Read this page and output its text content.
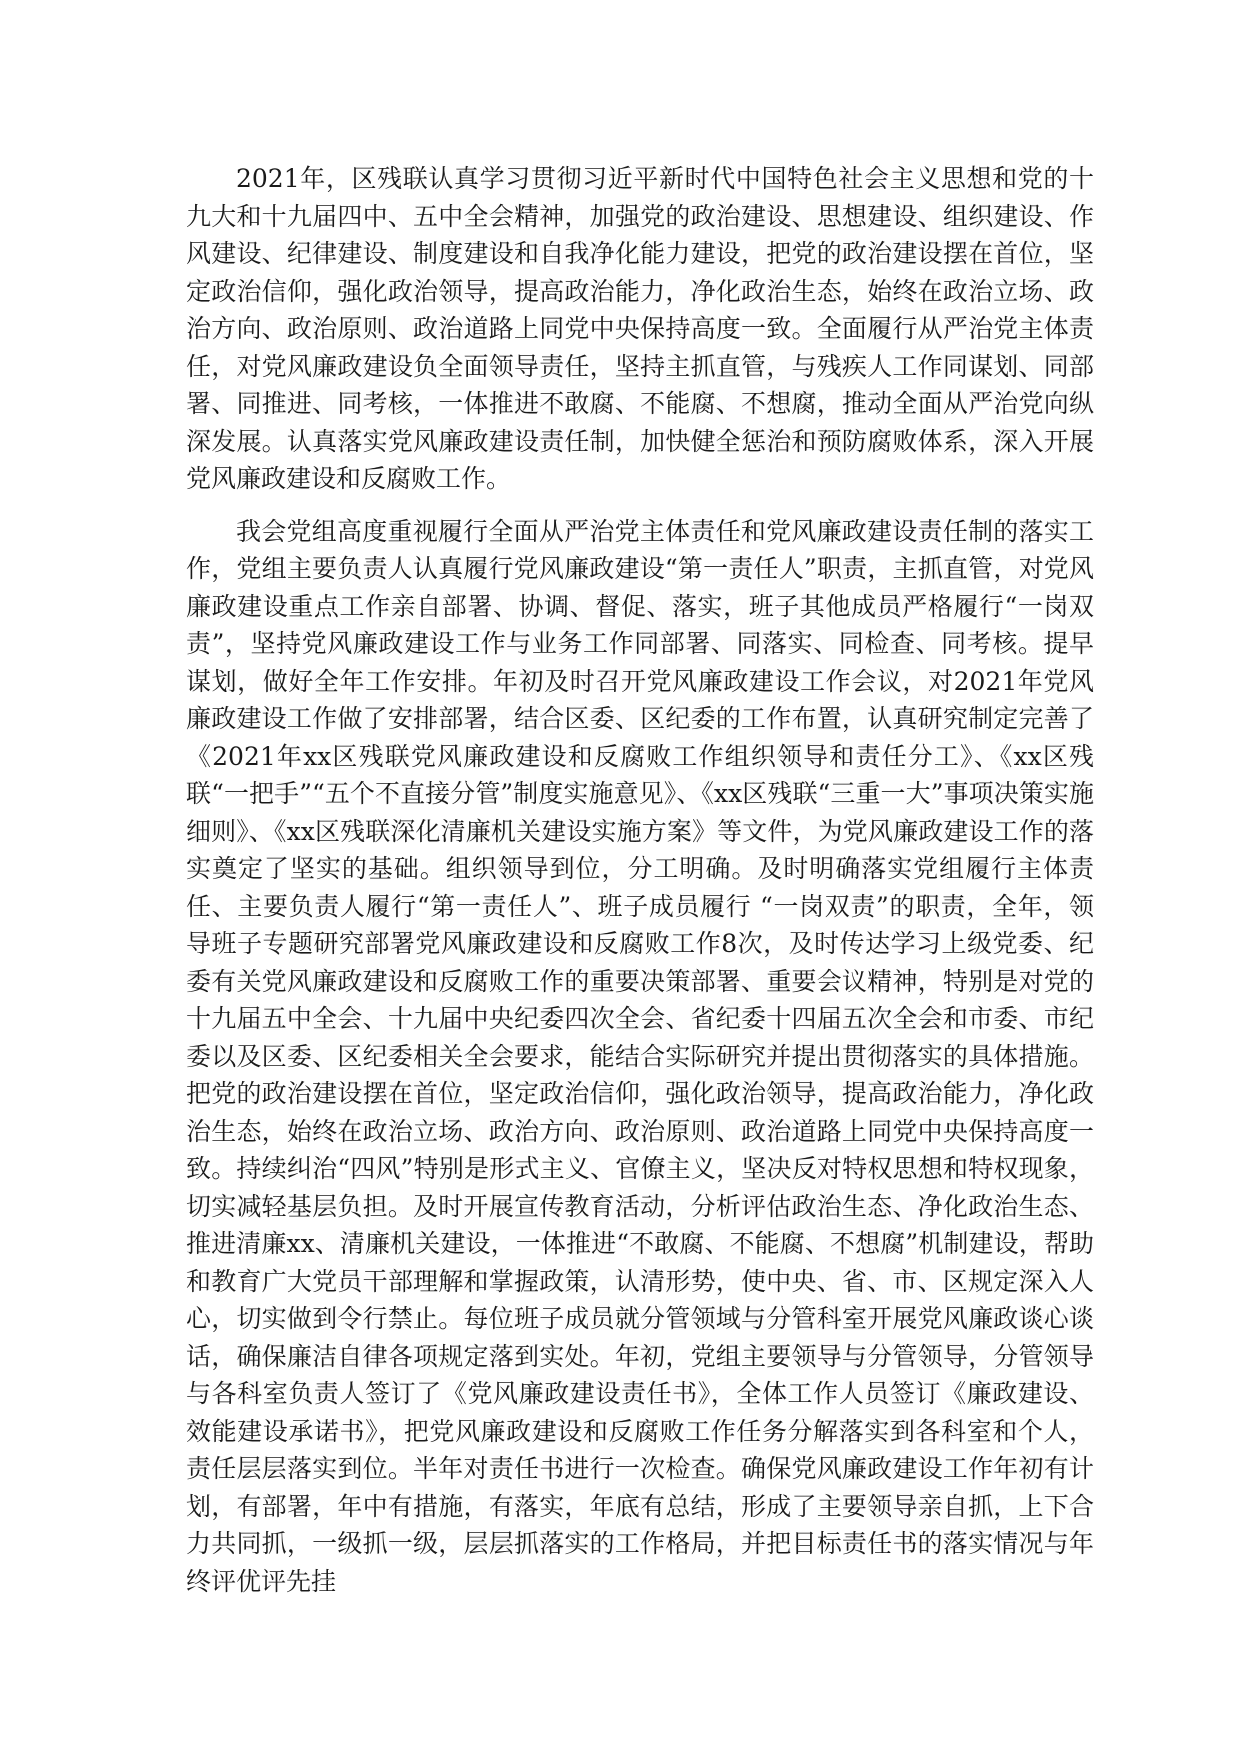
2021年，区残联认真学习贯彻习近平新时代中国特色社会主义思想和党的十九大和十九届四中、五中全会精神，加强党的政治建设、思想建设、组织建设、作风建设、纪律建设、制度建设和自我净化能力建设，把党的政治建设摆在首位，坚定政治信仰，强化政治领导，提高政治能力，净化政治生态，始终在政治立场、政治方向、政治原则、政治道路上同党中央保持高度一致。全面履行从严治党主体责任，对党风廉政建设负全面领导责任，坚持主抓直管，与残疾人工作同谋划、同部署、同推进、同考核，一体推进不敢腐、不能腐、不想腐，推动全面从严治党向纵深发展。认真落实党风廉政建设责任制，加快健全惩治和预防腐败体系，深入开展党风廉政建设和反腐败工作。

我会党组高度重视履行全面从严治党主体责任和党风廉政建设责任制的落实工作，党组主要负责人认真履行党风廉政建设“第一责任人”职责，主抓直管，对党风廉政建设重点工作亲自部署、协调、督促、落实，班子其他成员严格履行“一岗双责”，坚持党风廉政建设工作与业务工作同部署、同落实、同检查、同考核。提早谋划，做好全年工作安排。年初及时召开党风廉政建设工作会议，对2021年党风廉政建设工作做了安排部署，结合区委、区纪委的工作布置，认真研究制定完善了《2021年xx区残联党风廉政建设和反腐败工作组织领导和责任分工》、《xx区残联“一把手”“五个不直接分管”制度实施意见》、《xx区残联“三重一大”事项决策实施细则》、《xx区残联深化清廉机关建设实施方案》等文件，为党风廉政建设工作的落实奠定了坚实的基础。组织领导到位，分工明确。及时明确落实党组履行主体责任、主要负责人履行“第一责任人”、班子成员履行 “一岗双责”的职责，全年，领导班子专题研究部署党风廉政建设和反腐败工作8次，及时传达学习上级党委、纪委有关党风廉政建设和反腐败工作的重要决策部署、重要会议精神，特别是对党的十九届五中全会、十九届中央纪委四次全会、省纪委十四届五次全会和市委、市纪委以及区委、区纪委相关全会要求，能结合实际研究并提出贯彻落实的具体措施。把党的政治建设摆在首位，坚定政治信仰，强化政治领导，提高政治能力，净化政治生态，始终在政治立场、政治方向、政治原则、政治道路上同党中央保持高度一致。持续纠治“四风”特别是形式主义、官僚主义，坚决反对特权思想和特权现象，切实减轻基层负担。及时开展宣传教育活动，分析评估政治生态、净化政治生态、推进清廉xx、清廉机关建设，一体推进“不敢腐、不能腐、不想腐”机制建设，帮助和教育广大党员干部理解和掌握政策，认清形势，使中央、省、市、区规定深入人心，切实做到令行禁止。每位班子成员就分管领域与分管科室开展党风廉政谈心谈话，确保廉洁自律各项规定落到实处。年初，党组主要领导与分管领导，分管领导与各科室负责人签订了《党风廉政建设责任书》，全体工作人员签订《廉政建设、效能建设承诺书》，把党风廉政建设和反腐败工作任务分解落实到各科室和个人，责任层层落实到位。半年对责任书进行一次检查。确保党风廉政建设工作年初有计划，有部署，年中有措施，有落实，年底有总结，形成了主要领导亲自抓，上下合力共同抓，一级抓一级，层层抓落实的工作格局，并把目标责任书的落实情况与年终评优评先挂
